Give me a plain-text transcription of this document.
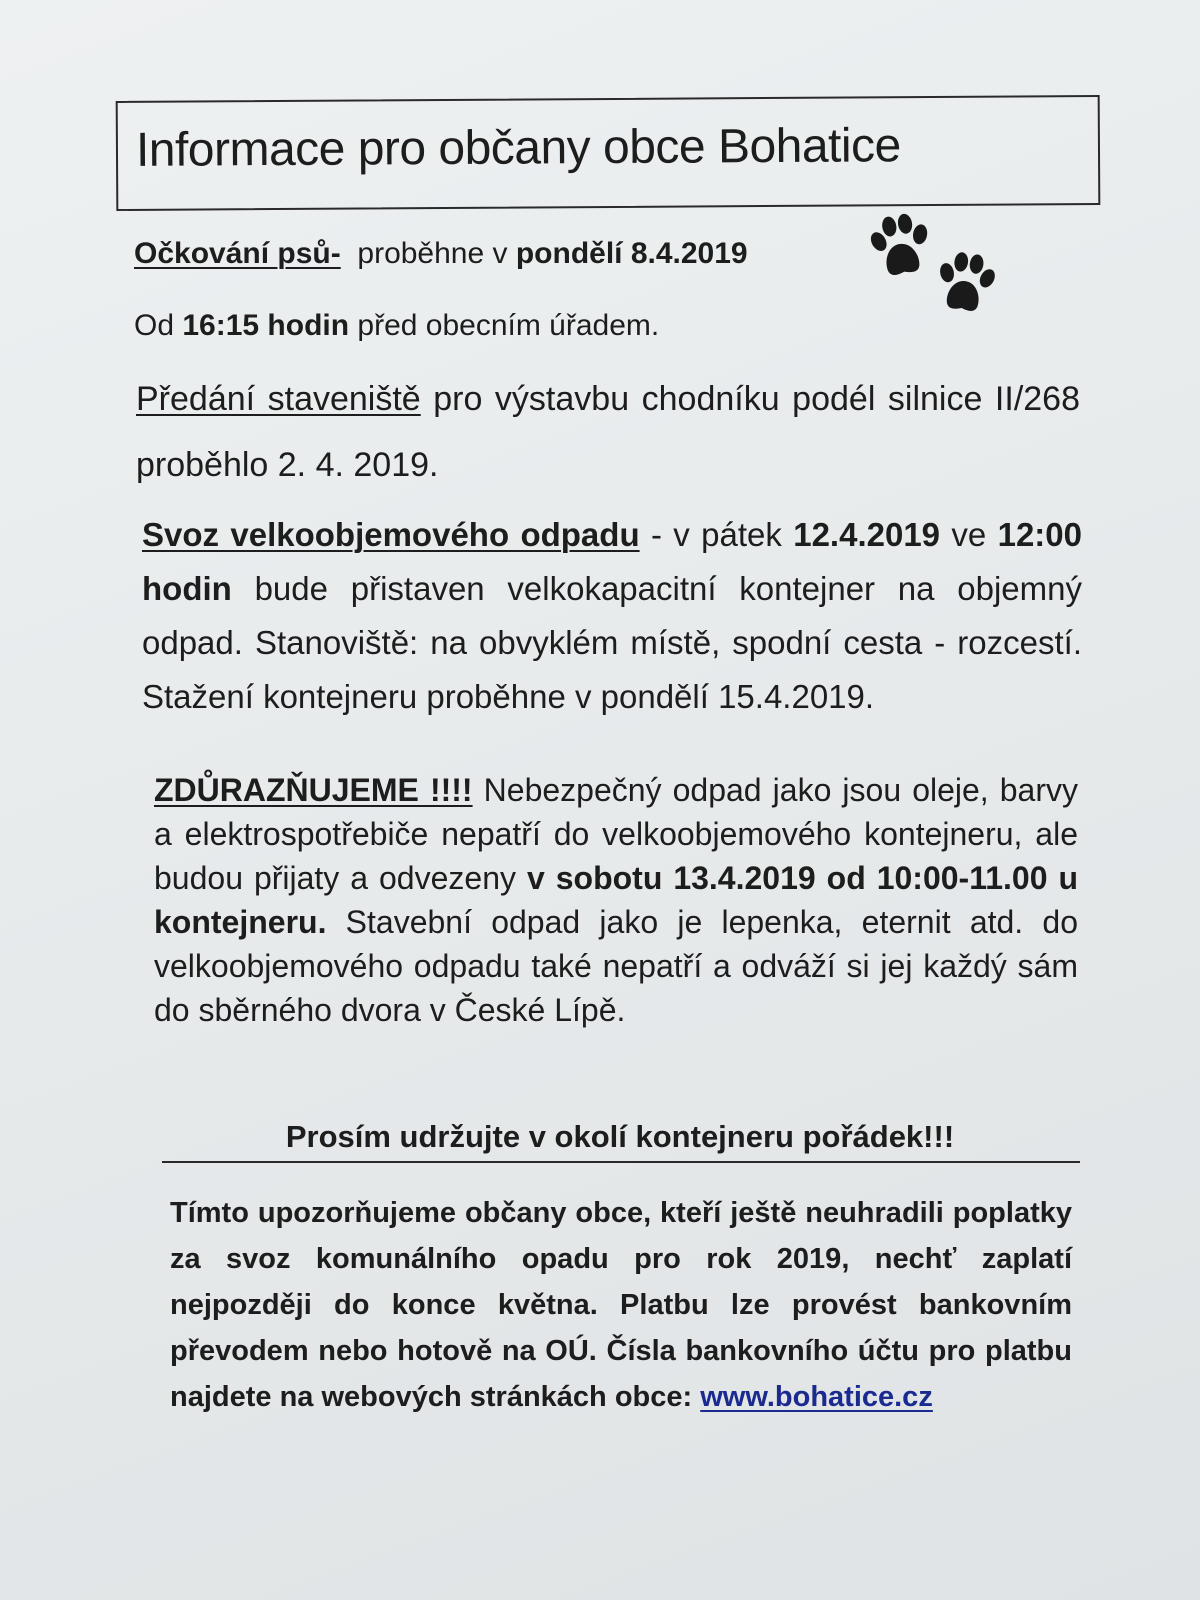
Informace pro občany obce Bohatice
Očkování psů- proběhne v pondělí 8.4.2019
Od 16:15 hodin před obecním úřadem.
Předání staveniště pro výstavbu chodníku podél silnice II/268 proběhlo 2. 4. 2019.
Svoz velkoobjemového odpadu - v pátek 12.4.2019 ve 12:00 hodin bude přistaven velkokapacitní kontejner na objemný odpad. Stanoviště: na obvyklém místě, spodní cesta - rozcestí. Stažení kontejneru proběhne v pondělí 15.4.2019.
ZDŮRAZŇUJEME !!!! Nebezpečný odpad jako jsou oleje, barvy a elektrospotřebiče nepatří do velkoobjemového kontejneru, ale budou přijaty a odvezeny v sobotu 13.4.2019 od 10:00-11.00 u kontejneru. Stavební odpad jako je lepenka, eternit atd. do velkoobjemového odpadu také nepatří a odváží si jej každý sám do sběrného dvora v České Lípě.
Prosím udržujte v okolí kontejneru pořádek!!!
Tímto upozorňujeme občany obce, kteří ještě neuhradili poplatky za svoz komunálního opadu pro rok 2019, nechť zaplatí nejpozději do konce května. Platbu lze provést bankovním převodem nebo hotově na OÚ. Čísla bankovního účtu pro platbu najdete na webových stránkách obce: www.bohatice.cz
